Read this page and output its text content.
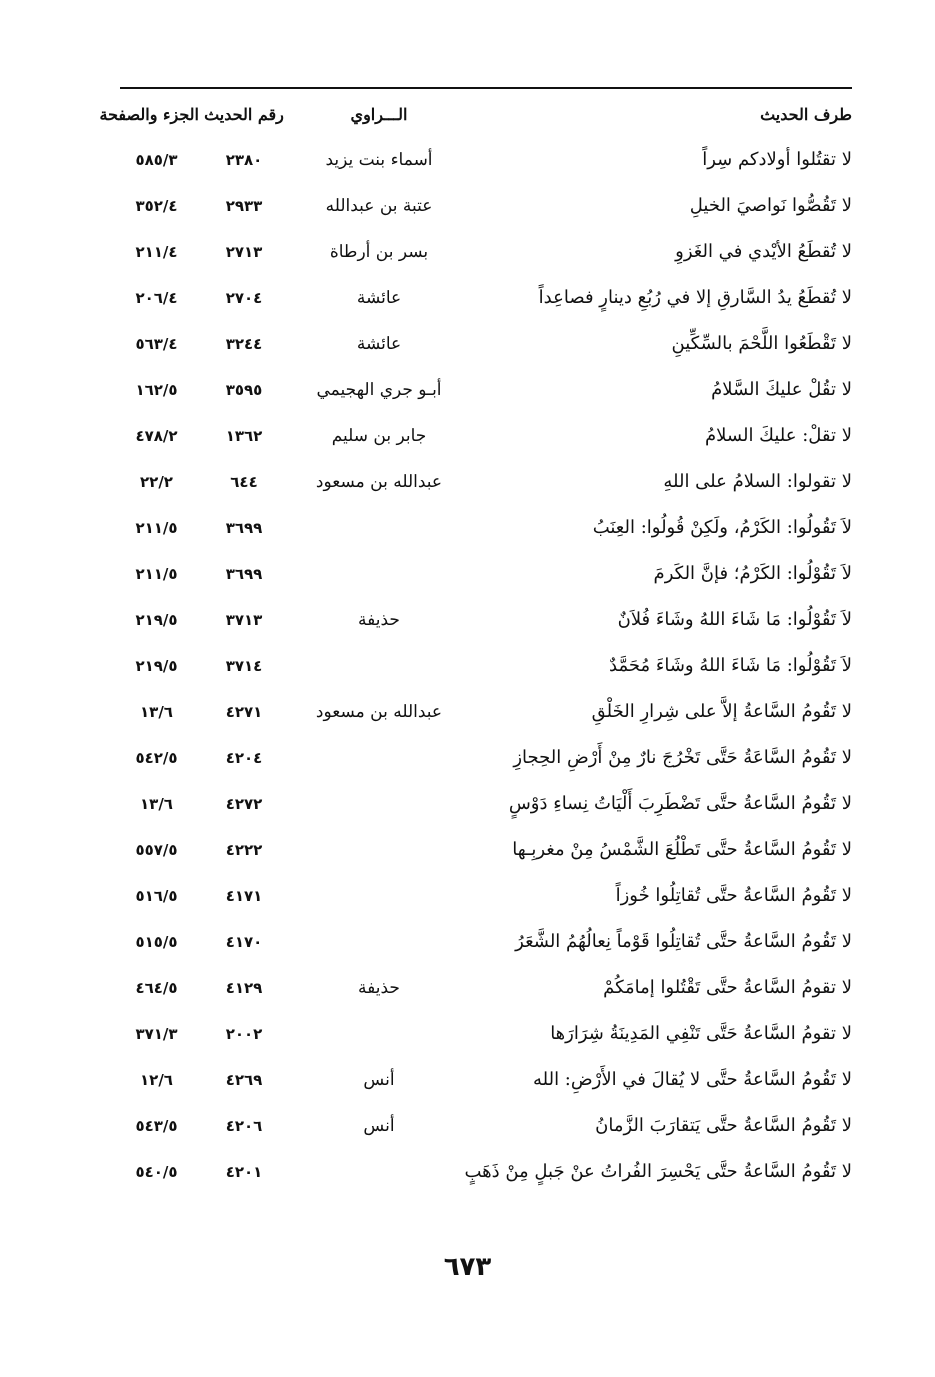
طرف الحديث
الـــراوي
رقم الحديث
الجزء والصفحة
لا تقتُلوا أولادكم سِراً
أسماء بنت يزيد
٢٣٨٠
٥٨٥/٣
لا تَقُصُّوا نَواصيَ الخيلِ
عتبة بن عبدالله
٢٩٣٣
٣٥٢/٤
لا تُقطَعُ الأيْدي في الغَزوِ
بسر بن أرطاة
٢٧١٣
٢١١/٤
لا تُقطَعُ يدُ السَّارقِ إلا في رُبُعِ دينارٍ فصاعِداً
عائشة
٢٧٠٤
٢٠٦/٤
لا تَقْطَعُوا اللَّحْمَ بالسِّكِّينِ
عائشة
٣٢٤٤
٥٦٣/٤
لا تقُلْ عليكَ السَّلامُ
أبـو جري الهجيمي
٣٥٩٥
١٦٢/٥
لا تقلْ: عليكَ السلامُ
جابر بن سليم
١٣٦٢
٤٧٨/٢
لا تقولوا: السلامُ على اللهِ
عبدالله بن مسعود
٦٤٤
٢٢/٢
لاَ تَقُولُوا: الكَرْمُ، ولَكِنْ قُولُوا: العِنَبُ
٣٦٩٩
٢١١/٥
لاَ تَقُوْلُوا: الكَرْمُ؛ فإنَّ الكَرمَ
٣٦٩٩
٢١١/٥
لاَ تَقُوْلُوا: مَا شَاءَ اللهُ وشَاءَ فُلاَنٌ
حذيفة
٣٧١٣
٢١٩/٥
لاَ تَقُوْلُوا: مَا شَاءَ اللهُ وشَاءَ مُحَمَّدٌ
٣٧١٤
٢١٩/٥
لا تَقُومُ السَّاعةُ إلاَّ على شِرارِ الخَلْقِ
عبدالله بن مسعود
٤٢٧١
١٣/٦
لا تَقُومُ السَّاعَةُ حَتَّى تَخْرُجَ نارٌ مِنْ أَرْضِ الحِجازِ
٤٢٠٤
٥٤٢/٥
لا تَقُومُ السَّاعةُ حتَّى تَضْطَرِبَ أَلْيَاتُ نِساءِ دَوْسٍ
٤٢٧٢
١٣/٦
لا تَقُومُ السَّاعةُ حتَّى تَطْلُعَ الشَّمْسُ مِنْ مغربِـها
٤٢٢٢
٥٥٧/٥
لا تَقُومُ السَّاعةُ حتَّى تُقاتِلُوا خُوزاً
٤١٧١
٥١٦/٥
لا تَقُومُ السَّاعةُ حتَّى تُقاتِلُوا قَوْماً نِعالُهُمُ الشَّعَرُ
٤١٧٠
٥١٥/٥
لا تقومُ السَّاعةُ حتَّى تَقْتُلوا إمامَكُمْ
حذيفة
٤١٢٩
٤٦٤/٥
لا تقومُ السَّاعةُ حَتَّى تَنْفِي المَدِينَةُ شِرَارَها
٢٠٠٢
٣٧١/٣
لا تَقُومُ السَّاعةُ حتَّى لا يُقالَ في الأَرْضِ: الله
أنس
٤٢٦٩
١٢/٦
لا تَقُومُ السَّاعةُ حتَّى يَتقارَبَ الزَّمانُ
أنس
٤٢٠٦
٥٤٣/٥
لا تَقُومُ السَّاعةُ حتَّى يَحْسِرَ الفُراتُ عنْ جَبلٍ مِنْ ذَهَبٍ
٤٢٠١
٥٤٠/٥
٦٧٣
